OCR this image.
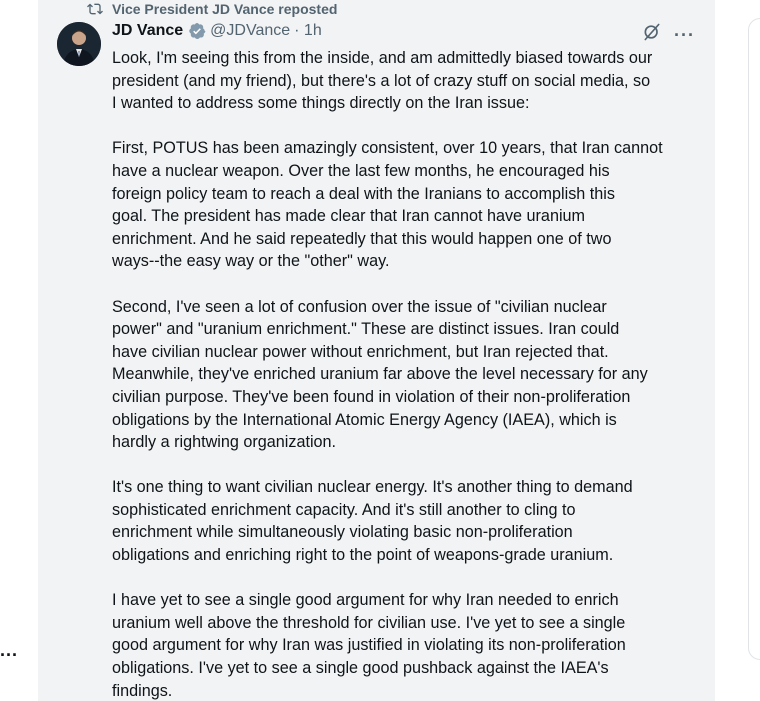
...
Vice President JD Vance reposted
JD Vance @JDVance · 1h	···

Look, I'm seeing this from the inside, and am admittedly biased towards our
president (and my friend), but there's a lot of crazy stuff on social media, so
I wanted to address some things directly on the Iran issue:

First, POTUS has been amazingly consistent, over 10 years, that Iran cannot
have a nuclear weapon. Over the last few months, he encouraged his
foreign policy team to reach a deal with the Iranians to accomplish this
goal. The president has made clear that Iran cannot have uranium
enrichment. And he said repeatedly that this would happen one of two
ways--the easy way or the "other" way.

Second, I've seen a lot of confusion over the issue of "civilian nuclear
power" and "uranium enrichment." These are distinct issues. Iran could
have civilian nuclear power without enrichment, but Iran rejected that.
Meanwhile, they've enriched uranium far above the level necessary for any
civilian purpose. They've been found in violation of their non-proliferation
obligations by the International Atomic Energy Agency (IAEA), which is
hardly a rightwing organization.

It's one thing to want civilian nuclear energy. It's another thing to demand
sophisticated enrichment capacity. And it's still another to cling to
enrichment while simultaneously violating basic non-proliferation
obligations and enriching right to the point of weapons-grade uranium.

I have yet to see a single good argument for why Iran needed to enrich
uranium well above the threshold for civilian use. I've yet to see a single
good argument for why Iran was justified in violating its non-proliferation
obligations. I've yet to see a single good pushback against the IAEA's
findings.
